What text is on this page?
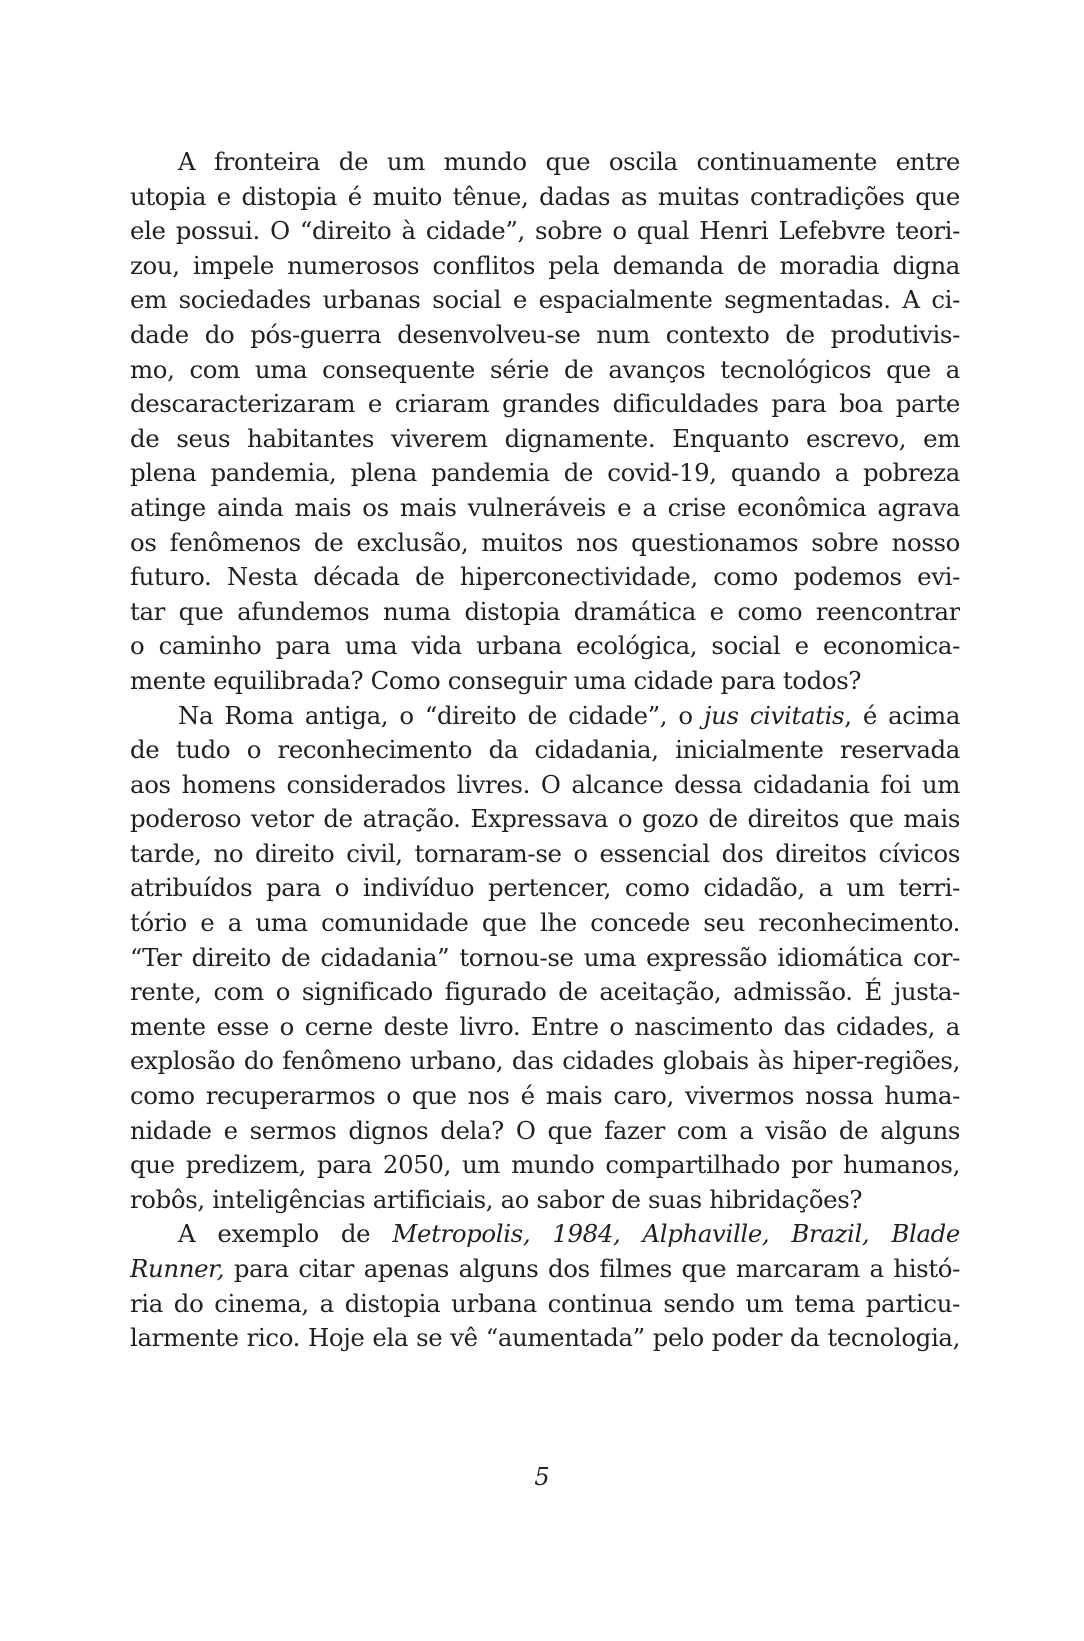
A fronteira de um mundo que oscila continuamente entre
utopia e distopia é muito tênue, dadas as muitas contradições que
ele possui. O “direito à cidade”, sobre o qual Henri Lefebvre teori-
zou, impele numerosos conflitos pela demanda de moradia digna
em sociedades urbanas social e espacialmente segmentadas. A ci-
dade do pós-guerra desenvolveu-se num contexto de produtivis-
mo, com uma consequente série de avanços tecnológicos que a
descaracterizaram e criaram grandes dificuldades para boa parte
de seus habitantes viverem dignamente. Enquanto escrevo, em
plena pandemia, plena pandemia de covid-19, quando a pobreza
atinge ainda mais os mais vulneráveis e a crise econômica agrava
os fenômenos de exclusão, muitos nos questionamos sobre nosso
futuro. Nesta década de hiperconectividade, como podemos evi-
tar que afundemos numa distopia dramática e como reencontrar
o caminho para uma vida urbana ecológica, social e economica-
mente equilibrada? Como conseguir uma cidade para todos?
Na Roma antiga, o “direito de cidade”, o jus civitatis, é acima
de tudo o reconhecimento da cidadania, inicialmente reservada
aos homens considerados livres. O alcance dessa cidadania foi um
poderoso vetor de atração. Expressava o gozo de direitos que mais
tarde, no direito civil, tornaram-se o essencial dos direitos cívicos
atribuídos para o indivíduo pertencer, como cidadão, a um terri-
tório e a uma comunidade que lhe concede seu reconhecimento.
“Ter direito de cidadania” tornou-se uma expressão idiomática cor-
rente, com o significado figurado de aceitação, admissão. É justa-
mente esse o cerne deste livro. Entre o nascimento das cidades, a
explosão do fenômeno urbano, das cidades globais às hiper-regiões,
como recuperarmos o que nos é mais caro, vivermos nossa huma-
nidade e sermos dignos dela? O que fazer com a visão de alguns
que predizem, para 2050, um mundo compartilhado por humanos,
robôs, inteligências artificiais, ao sabor de suas hibridações?
A exemplo de Metropolis, 1984, Alphaville, Brazil, Blade
Runner, para citar apenas alguns dos filmes que marcaram a histó-
ria do cinema, a distopia urbana continua sendo um tema particu-
larmente rico. Hoje ela se vê “aumentada” pelo poder da tecnologia,
5
